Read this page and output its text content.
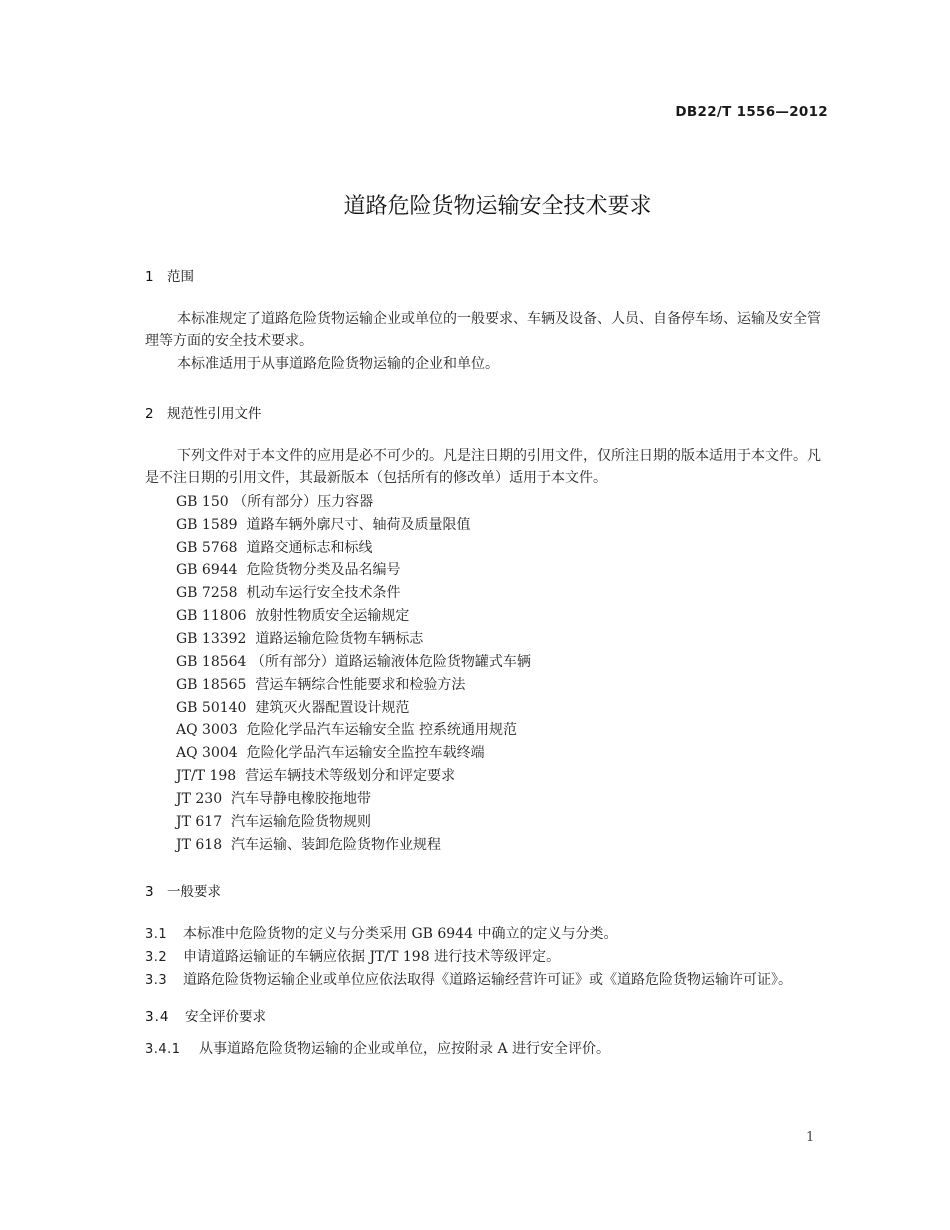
DB22/T 1556—2012
道路危险货物运输安全技术要求
1 范围
本标准规定了道路危险货物运输企业或单位的一般要求、车辆及设备、人员、自备停车场、运输及安全管理等方面的安全技术要求。
本标准适用于从事道路危险货物运输的企业和单位。
2 规范性引用文件
下列文件对于本文件的应用是必不可少的。凡是注日期的引用文件，仅所注日期的版本适用于本文件。凡是不注日期的引用文件，其最新版本（包括所有的修改单）适用于本文件。
GB 150 （所有部分）压力容器
GB 1589  道路车辆外廓尺寸、轴荷及质量限值
GB 5768  道路交通标志和标线
GB 6944  危险货物分类及品名编号
GB 7258  机动车运行安全技术条件
GB 11806  放射性物质安全运输规定
GB 13392  道路运输危险货物车辆标志
GB 18564 （所有部分）道路运输液体危险货物罐式车辆
GB 18565  营运车辆综合性能要求和检验方法
GB 50140  建筑灭火器配置设计规范
AQ 3003  危险化学品汽车运输安全监 控系统通用规范
AQ 3004  危险化学品汽车运输安全监控车载终端
JT/T 198  营运车辆技术等级划分和评定要求
JT 230  汽车导静电橡胶拖地带
JT 617  汽车运输危险货物规则
JT 618  汽车运输、装卸危险货物作业规程
3 一般要求
3.1 本标准中危险货物的定义与分类采用 GB 6944 中确立的定义与分类。
3.2 申请道路运输证的车辆应依据 JT/T 198 进行技术等级评定。
3.3 道路危险货物运输企业或单位应依法取得《道路运输经营许可证》或《道路危险货物运输许可证》。
3.4 安全评价要求
3.4.1 从事道路危险货物运输的企业或单位，应按附录 A 进行安全评价。
1
